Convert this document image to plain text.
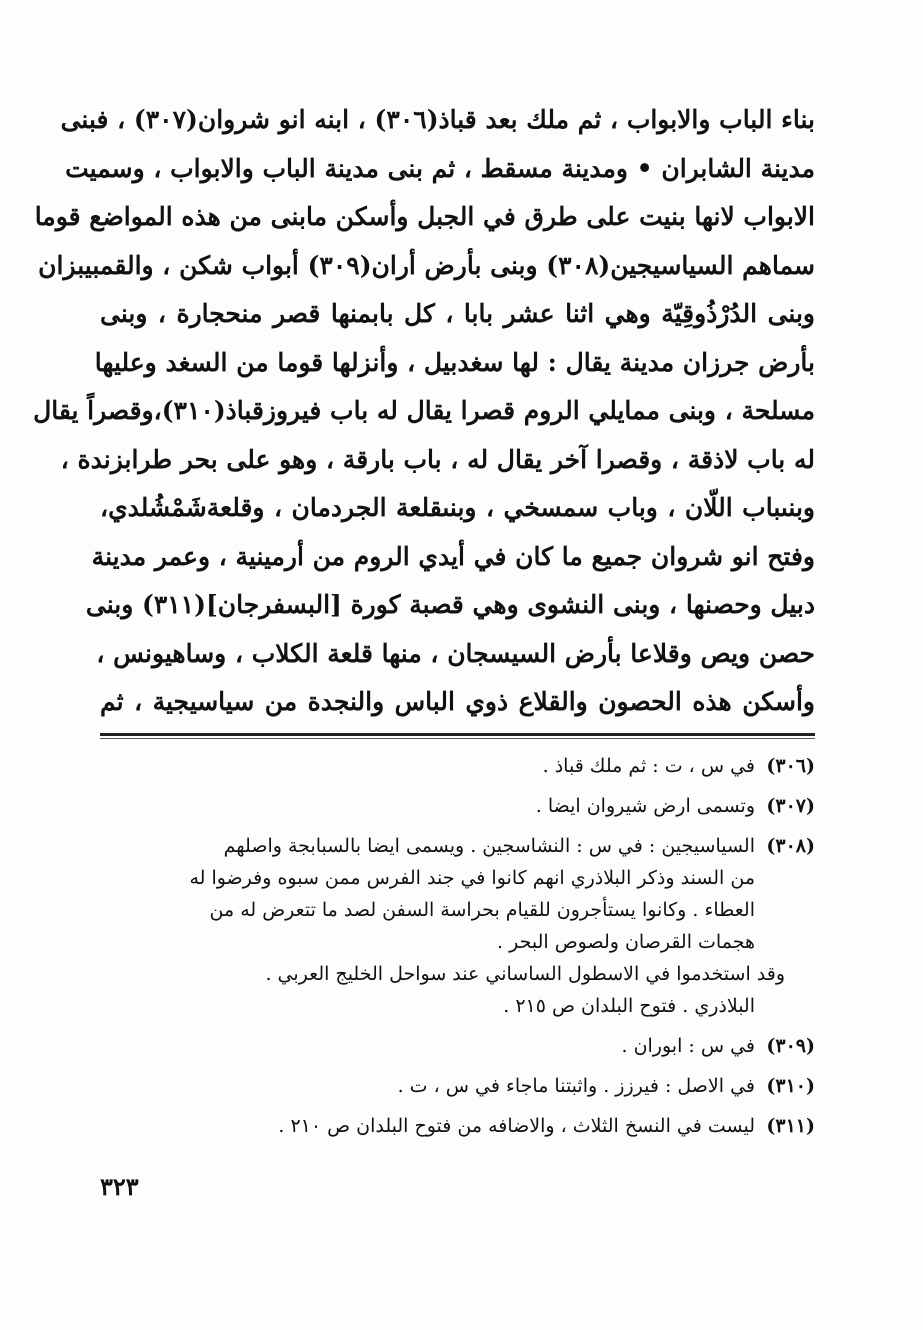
بناء الباب والابواب ، ثم ملك بعد قباذ(٣٠٦) ، ابنه انو شروان(٣٠٧) ، فبنى
مدينة الشابران • ومدينة مسقط ، ثم بنى مدينة الباب والابواب ، وسميت
الابواب لانها بنيت على طرق في الجبل وأسكن مابنى من هذه المواضع قوما
سماهم السياسيجين(٣٠٨) وبنى بأرض أران(٣٠٩) أبواب شكن ، والقمبيبزان
وبنى الدُرْذُوقِيّة وهي اثنا عشر بابا ، كل بابمنها قصر منحجارة ، وبنى
بأرض جرزان مدينة يقال : لها سغدبيل ، وأنزلها قوما من السغد وعليها
مسلحة ، وبنى ممايلي الروم قصرا يقال له باب فيروزقباذ(٣١٠)،وقصراً يقال
له باب لاذقة ، وقصرا آخر يقال له ، باب بارقة ، وهو على بحر طرابزندة ،
وبنىباب اللّان ، وباب سمسخي ، وبنىقلعة الجردمان ، وقلعةشَمْشُلدي،
وفتح انو شروان جميع ما كان في أيدي الروم من أرمينية ، وعمر مدينة
دبيل وحصنها ، وبنى النشوى وهي قصبة كورة [البسفرجان](٣١١) وبنى
حصن ويص وقلاعا بأرض السيسجان ، منها قلعة الكلاب ، وساهيونس ،
وأسكن هذه الحصون والقلاع ذوي الباس والنجدة من سياسيجية ، ثم
(٣٠٦)في س ، ت : ثم ملك قباذ .
(٣٠٧)وتسمى ارض شيروان ايضا .
(٣٠٨)السياسيجين : في س : النشاسجين . ويسمى ايضا بالسبابجة واصلهم
من السند وذكر البلاذري انهم كانوا في جند الفرس ممن سبوه وفرضوا له
العطاء . وكانوا يستأجرون للقيام بحراسة السفن لصد ما تتعرض له من
هجمات القرصان ولصوص البحر .
وقد استخدموا في الاسطول الساساني عند سواحل الخليج العربي .
البلاذري . فتوح البلدان ص ٢١٥ .
(٣٠٩)في س : ابوران .
(٣١٠)في الاصل : فيرزز . واثبتنا ماجاء في س ، ت .
(٣١١)ليست في النسخ الثلاث ، والاضافه من فتوح البلدان ص ٢١٠ .
٣٢٣
